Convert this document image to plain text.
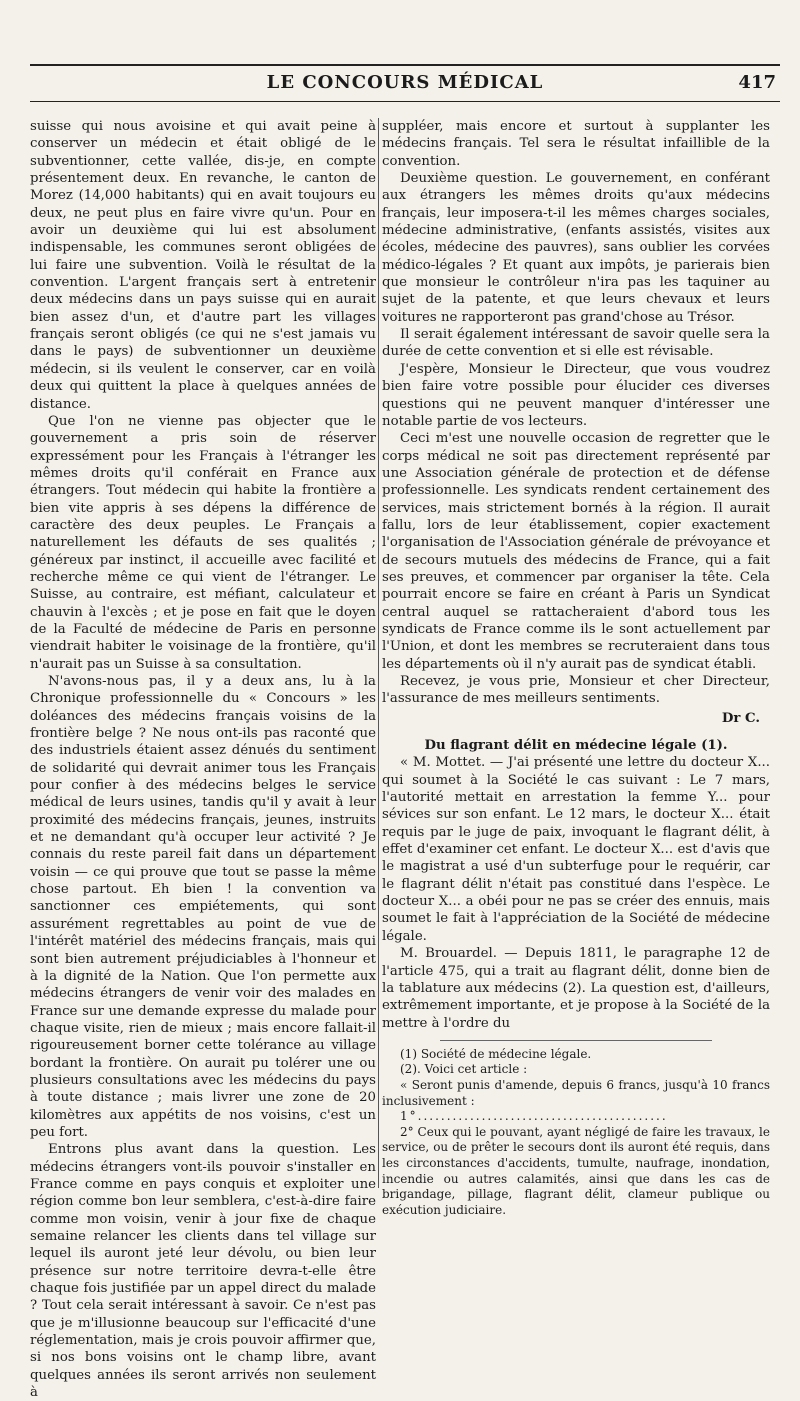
LE CONCOURS MÉDICAL	417

suisse qui nous avoisine et qui avait peine à conserver un médecin et était obligé de le subventionner, cette vallée, dis-je, en compte présentement deux. En revanche, le canton de Morez (14,000 habitants) qui en avait toujours eu deux, ne peut plus en faire vivre qu'un. Pour en avoir un deuxième qui lui est absolument indispensable, les communes seront obligées de lui faire une subvention. Voilà le résultat de la convention. L'argent français sert à entretenir deux médecins dans un pays suisse qui en aurait bien assez d'un, et d'autre part les villages français seront obligés (ce qui ne s'est jamais vu dans le pays) de subventionner un deuxième médecin, si ils veulent le conserver, car en voilà deux qui quittent la place à quelques années de distance.

Que l'on ne vienne pas objecter que le gouvernement a pris soin de réserver expressément pour les Français à l'étranger les mêmes droits qu'il conférait en France aux étrangers. Tout médecin qui habite la frontière a bien vite appris à ses dépens la différence de caractère des deux peuples. Le Français a naturellement les défauts de ses qualités ; généreux par instinct, il accueille avec facilité et recherche même ce qui vient de l'étranger. Le Suisse, au contraire, est méfiant, calculateur et chauvin à l'excès ; et je pose en fait que le doyen de la Faculté de médecine de Paris en personne viendrait habiter le voisinage de la frontière, qu'il n'aurait pas un Suisse à sa consultation.

N'avons-nous pas, il y a deux ans, lu à la Chronique professionnelle du « Concours » les doléances des médecins français voisins de la frontière belge ? Ne nous ont-ils pas raconté que des industriels étaient assez dénués du sentiment de solidarité qui devrait animer tous les Français pour confier à des médecins belges le service médical de leurs usines, tandis qu'il y avait à leur proximité des médecins français, jeunes, instruits et ne demandant qu'à occuper leur activité ? Je connais du reste pareil fait dans un département voisin — ce qui prouve que tout se passe la même chose partout. Eh bien ! la convention va sanctionner ces empiétements, qui sont assurément regrettables au point de vue de l'intérêt matériel des médecins français, mais qui sont bien autrement préjudiciables à l'honneur et à la dignité de la Nation. Que l'on permette aux médecins étrangers de venir voir des malades en France sur une demande expresse du malade pour chaque visite, rien de mieux ; mais encore fallait-il rigoureusement borner cette tolérance au village bordant la frontière. On aurait pu tolérer une ou plusieurs consultations avec les médecins du pays à toute distance ; mais livrer une zone de 20 kilomètres aux appétits de nos voisins, c'est un peu fort.

Entrons plus avant dans la question. Les médecins étrangers vont-ils pouvoir s'installer en France comme en pays conquis et exploiter une région comme bon leur semblera, c'est-à-dire faire comme mon voisin, venir à jour fixe de chaque semaine relancer les clients dans tel village sur lequel ils auront jeté leur dévolu, ou bien leur présence sur notre territoire devra-t-elle être chaque fois justifiée par un appel direct du malade ? Tout cela serait intéressant à savoir. Ce n'est pas que je m'illusionne beaucoup sur l'efficacité d'une réglementation, mais je crois pouvoir affirmer que, si nos bons voisins ont le champ libre, avant quelques années ils seront arrivés non seulement à

suppléer, mais encore et surtout à supplanter les médecins français. Tel sera le résultat infaillible de la convention.

Deuxième question. Le gouvernement, en conférant aux étrangers les mêmes droits qu'aux médecins français, leur imposera-t-il les mêmes charges sociales, médecine administrative, (enfants assistés, visites aux écoles, médecine des pauvres), sans oublier les corvées médico-légales ? Et quant aux impôts, je parierais bien que monsieur le contrôleur n'ira pas les taquiner au sujet de la patente, et que leurs chevaux et leurs voitures ne rapporteront pas grand'chose au Trésor.

Il serait également intéressant de savoir quelle sera la durée de cette convention et si elle est révisable.

J'espère, Monsieur le Directeur, que vous voudrez bien faire votre possible pour élucider ces diverses questions qui ne peuvent manquer d'intéresser une notable partie de vos lecteurs.

Ceci m'est une nouvelle occasion de regretter que le corps médical ne soit pas directement représenté par une Association générale de protection et de défense professionnelle. Les syndicats rendent certainement des services, mais strictement bornés à la région. Il aurait fallu, lors de leur établissement, copier exactement l'organisation de l'Association générale de prévoyance et de secours mutuels des médecins de France, qui a fait ses preuves, et commencer par organiser la tête. Cela pourrait encore se faire en créant à Paris un Syndicat central auquel se rattacheraient d'abord tous les syndicats de France comme ils le sont actuellement par l'Union, et dont les membres se recruteraient dans tous les départements où il n'y aurait pas de syndicat établi.

Recevez, je vous prie, Monsieur et cher Directeur, l'assurance de mes meilleurs sentiments.

Dr C.

Du flagrant délit en médecine légale (1).

« M. Mottet. — J'ai présenté une lettre du docteur X... qui soumet à la Société le cas suivant : Le 7 mars, l'autorité mettait en arrestation la femme Y... pour sévices sur son enfant. Le 12 mars, le docteur X... était requis par le juge de paix, invoquant le flagrant délit, à effet d'examiner cet enfant. Le docteur X... est d'avis que le magistrat a usé d'un subterfuge pour le requérir, car le flagrant délit n'était pas constitué dans l'espèce. Le docteur X... a obéi pour ne pas se créer des ennuis, mais soumet le fait à l'appréciation de la Société de médecine légale.

M. Brouardel. — Depuis 1811, le paragraphe 12 de l'article 475, qui a trait au flagrant délit, donne bien de la tablature aux médecins (2). La question est, d'ailleurs, extrêmement importante, et je propose à la Société de la mettre à l'ordre du

(1) Société de médecine légale.

(2). Voici cet article :

« Seront punis d'amende, depuis 6 francs, jusqu'à 10 francs inclusivement :

1°...........................................

2° Ceux qui le pouvant, ayant négligé de faire les travaux, le service, ou de prêter le secours dont ils auront été requis, dans les circonstances d'accidents, tumulte, naufrage, inondation, incendie ou autres calamités, ainsi que dans les cas de brigandage, pillage, flagrant délit, clameur publique ou exécution judiciaire.
